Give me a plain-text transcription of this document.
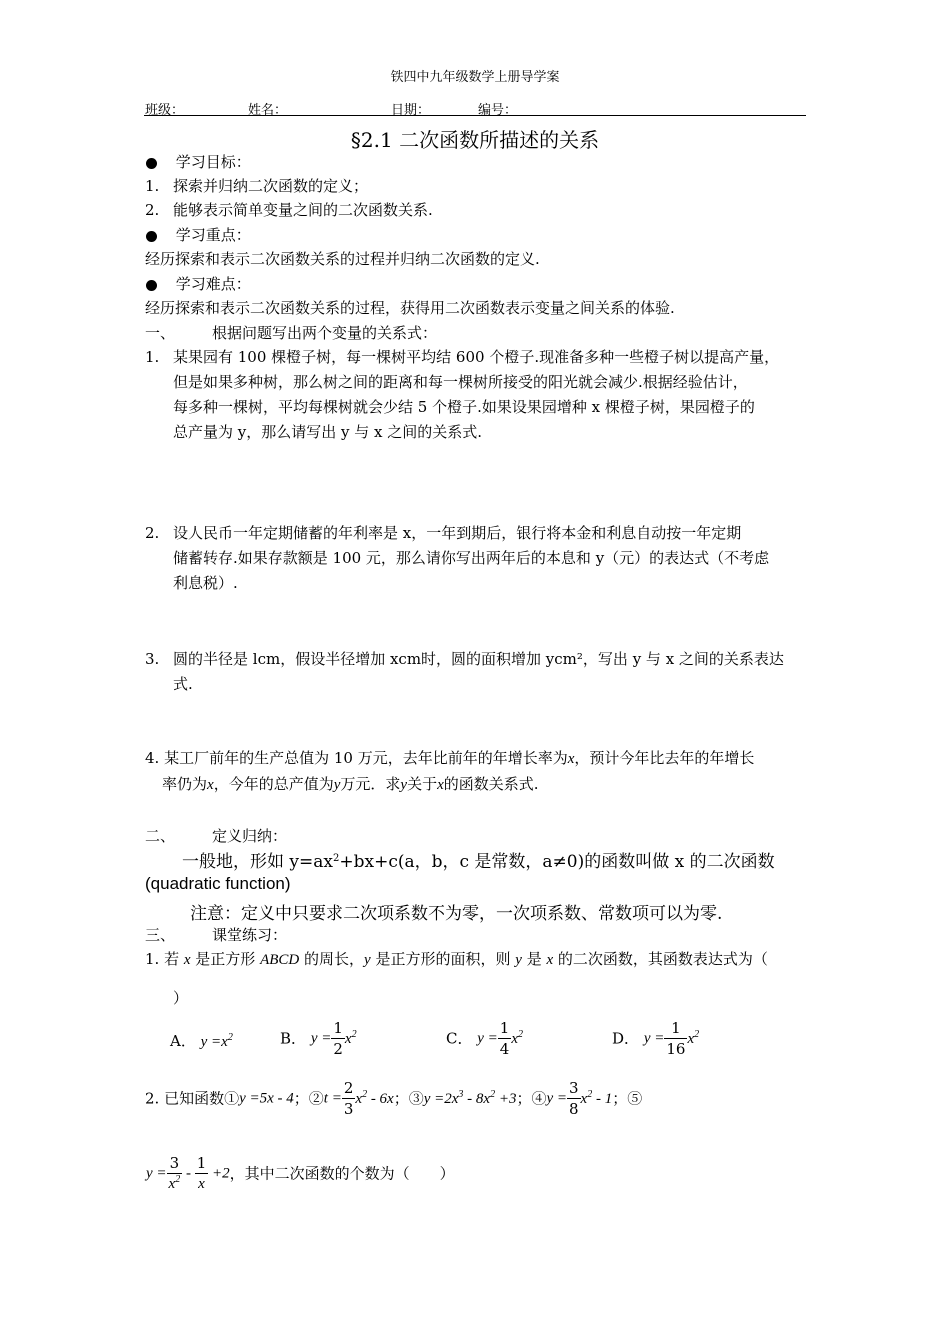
铁四中九年级数学上册导学案
班级：	姓名：	日期：	编号：
§2.1 二次函数所描述的关系
学习目标：
1. 探索并归纳二次函数的定义；
2. 能够表示简单变量之间的二次函数关系.
学习重点：
经历探索和表示二次函数关系的过程并归纳二次函数的定义.
学习难点：
经历探索和表示二次函数关系的过程，获得用二次函数表示变量之间关系的体验.
一、 根据问题写出两个变量的关系式：
1. 某果园有 100 棵橙子树，每一棵树平均结 600 个橙子.现准备多种一些橙子树以提高产量，
但是如果多种树，那么树之间的距离和每一棵树所接受的阳光就会减少.根据经验估计，
每多种一棵树，平均每棵树就会少结 5 个橙子.如果设果园增种 x 棵橙子树，果园橙子的
总产量为 y，那么请写出 y 与 x 之间的关系式.
2. 设人民币一年定期储蓄的年利率是 x，一年到期后，银行将本金和利息自动按一年定期
储蓄转存.如果存款额是 100 元，那么请你写出两年后的本息和 y（元）的表达式（不考虑
利息税）.
3. 圆的半径是 lcm，假设半径增加 xcm时，圆的面积增加 ycm²，写出 y 与 x 之间的关系表达
式.
4. 某工厂前年的生产总值为 10 万元，去年比前年的年增长率为x，预计今年比去年的年增长
率仍为x，今年的总产值为y万元．求y关于x的函数关系式.
二、 定义归纳：
一般地，形如 $y=ax^2+bx+c(a$，b，c 是常数，a≠0)的函数叫做 x 的二次函数
(quadratic function)
注意：定义中只要求二次项系数不为零，一次项系数、常数项可以为零.
三、 课堂练习：
1. 若 x 是正方形 ABCD 的周长，y 是正方形的面积，则 y 是 x 的二次函数，其函数表达式为（
）
A． $y =x^2$	B． $y = \frac{1}{2} x^2$	C． $y = \frac{1}{4} x^2$	D． $y = \frac{1}{16} x^2$
2. 已知函数①y =5x - 4；②t = $\frac{2}{3} x^2 - 6x$；③y $=2x^3 - 8x^2 +3$；④y = $\frac{3}{8} x^2 - 1$；⑤
$y = \frac{3}{x^2} - \frac{1}{x} +2$，其中二次函数的个数为（　　）
